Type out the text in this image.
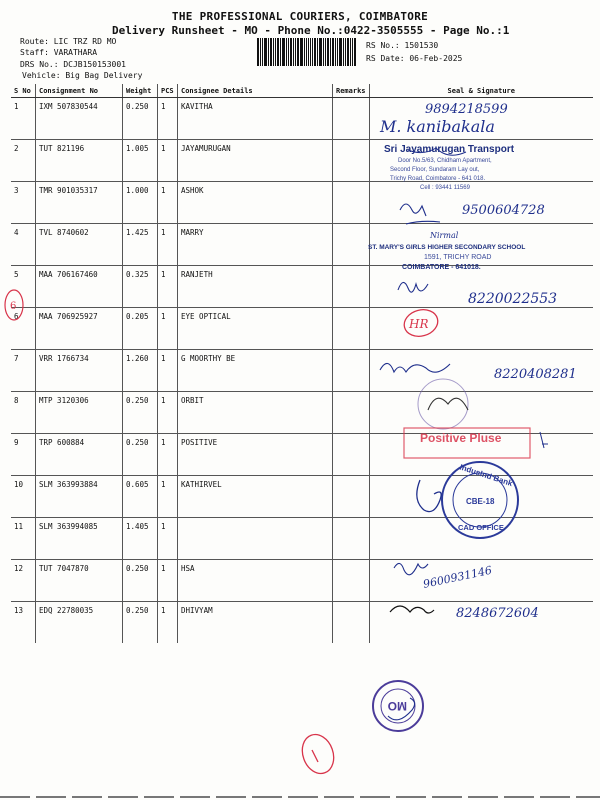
THE PROFESSIONAL COURIERS, COIMBATORE
Delivery Runsheet - MO - Phone No.:0422-3505555 - Page No.:1
Route: LIC TRZ RD MO
Staff: VARATHARA
DRS No.: DCJB150153001
Vehicle: Big Bag Delivery
RS No.: 1501530
RS Date: 06-Feb-2025
S No	Consignment No	Weight	PCS	Consignee Details	Remarks	Seal & Signature
1	IXM 507830544	0.250	1	KAVITHA		
2	TUT 821196	1.005	1	JAYAMURUGAN		
3	TMR 901035317	1.000	1	ASHOK		
4	TVL 8740602	1.425	1	MARRY		
5	MAA 706167460	0.325	1	RANJETH		
6	MAA 706925927	0.205	1	EYE OPTICAL		
7	VRR 1766734	1.260	1	G MOORTHY BE		
8	MTP 3120306	0.250	1	ORBIT		
9	TRP 600884	0.250	1	POSITIVE		
10	SLM 363993884	0.605	1	KATHIRVEL		
11	SLM 363994085	1.405	1			
12	TUT 7047870	0.250	1	HSA		
13	EDQ 22780035	0.250	1	DHIVYAM		
6
9894218599
M. kanibakala
Sri Jayamurugan Transport
Door No.5/63, Chidham Apartment,
Second Floor, Sundaram Lay out,
Trichy Road, Coimbatore - 641 018.
Cell : 93441 11569
9500604728
Nirmal
ST. MARY'S GIRLS HIGHER SECONDARY SCHOOL
1591, TRICHY ROAD
COIMBATORE - 641018.
8220022553
HR
8220408281
Positive Pluse
IndusInd Bank
CBE-18
CAD OFFICE
9600931146
8248672604
MO
